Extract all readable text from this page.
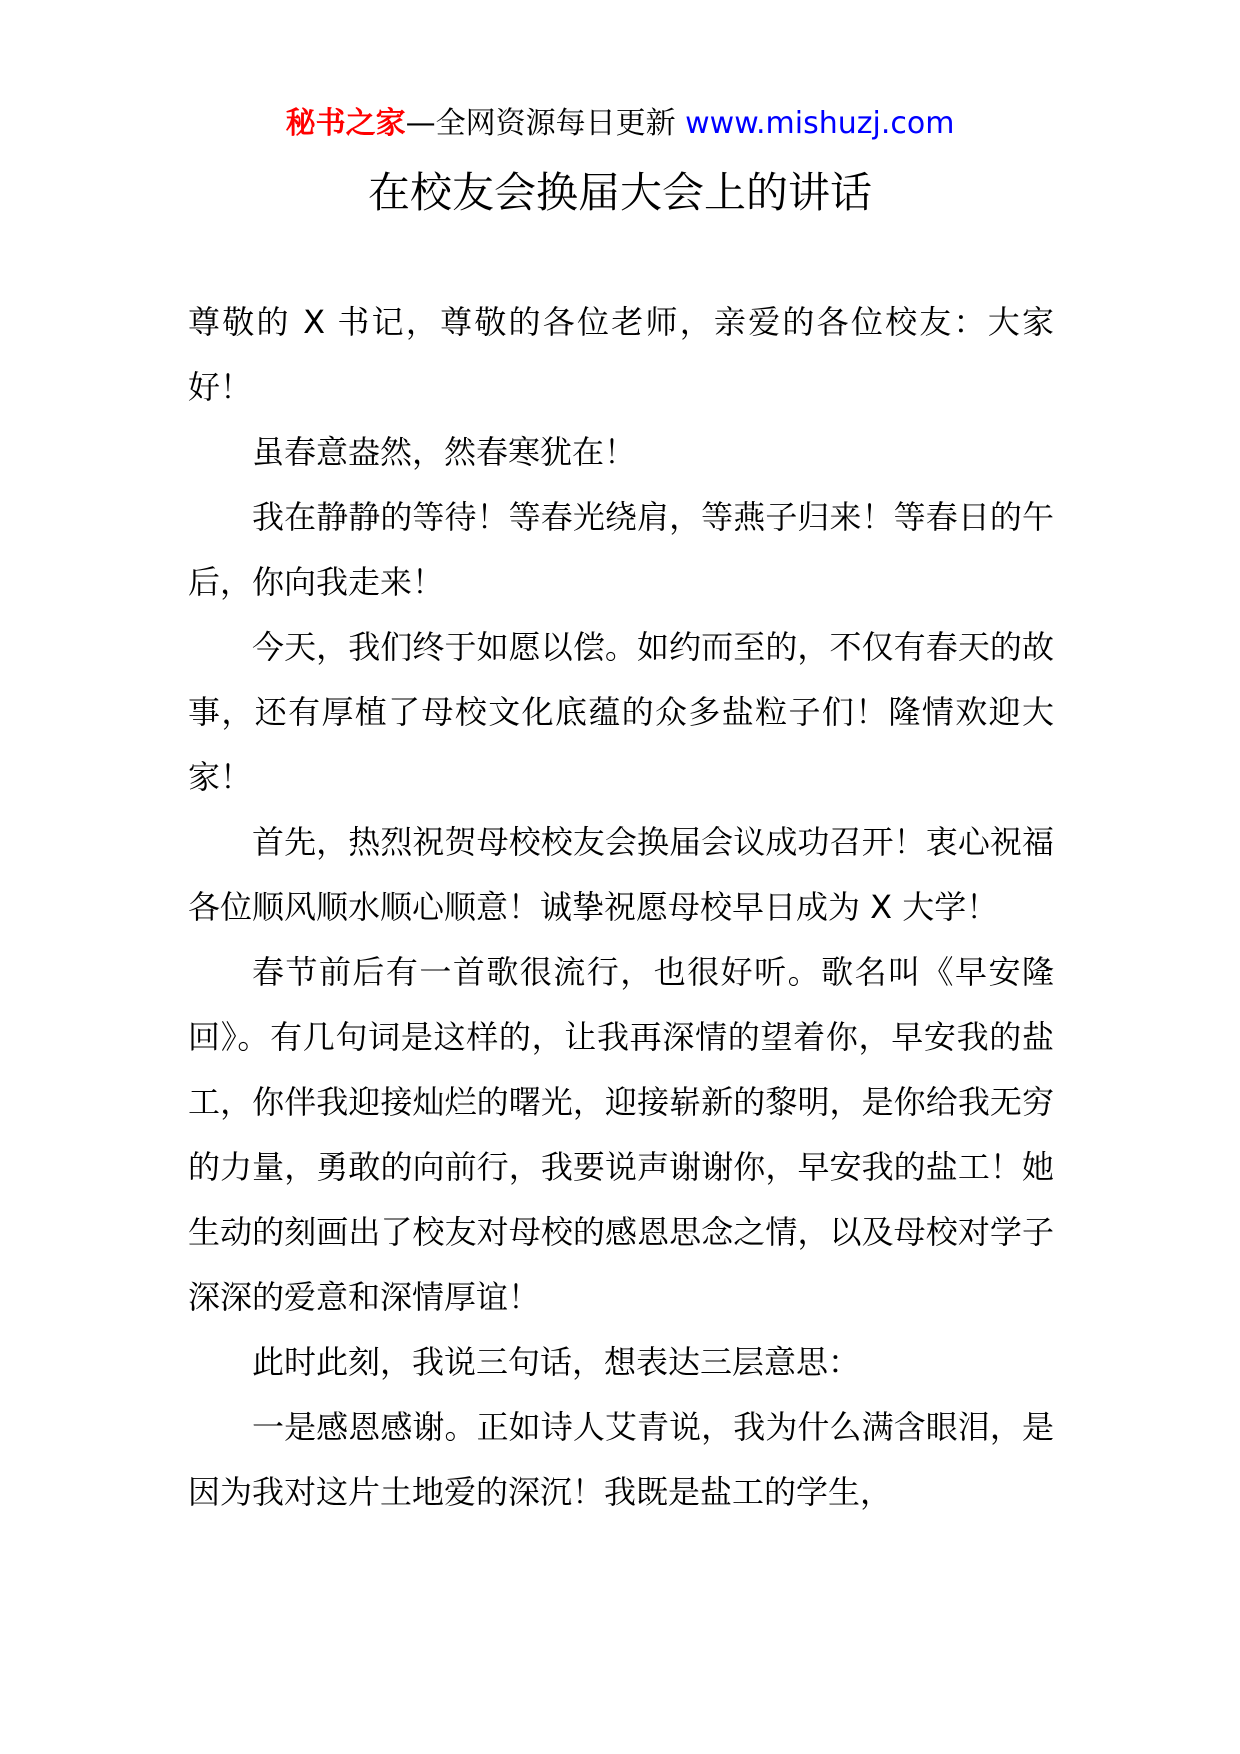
秘书之家—全网资源每日更新 www.mishuzj.com
在校友会换届大会上的讲话

尊敬的 X 书记，尊敬的各位老师，亲爱的各位校友：大家好！

虽春意盎然，然春寒犹在！

我在静静的等待！等春光绕肩，等燕子归来！等春日的午后，你向我走来！

今天，我们终于如愿以偿。如约而至的，不仅有春天的故事，还有厚植了母校文化底蕴的众多盐粒子们！隆情欢迎大家！

首先，热烈祝贺母校校友会换届会议成功召开！衷心祝福各位顺风顺水顺心顺意！诚挚祝愿母校早日成为 X 大学！

春节前后有一首歌很流行，也很好听。歌名叫《早安隆回》。有几句词是这样的，让我再深情的望着你，早安我的盐工，你伴我迎接灿烂的曙光，迎接崭新的黎明，是你给我无穷的力量，勇敢的向前行，我要说声谢谢你，早安我的盐工！她生动的刻画出了校友对母校的感恩思念之情，以及母校对学子深深的爱意和深情厚谊！

此时此刻，我说三句话，想表达三层意思：

一是感恩感谢。正如诗人艾青说，我为什么满含眼泪，是因为我对这片土地爱的深沉！我既是盐工的学生，
